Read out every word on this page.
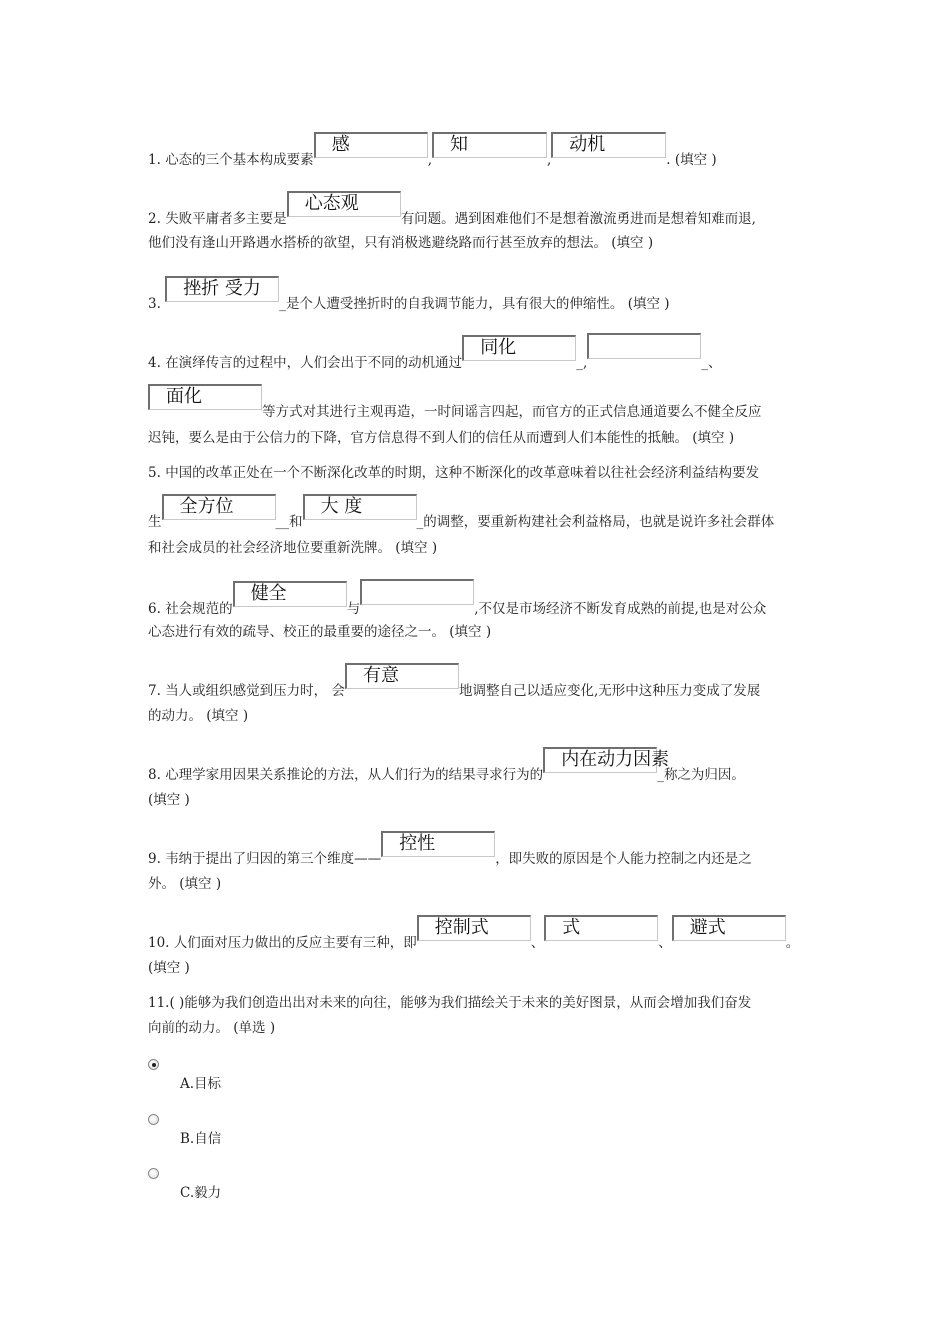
1. 心态的三个基本构成要素感,知,动机. (填空 )
2. 失败平庸者多主要是心态观有问题。遇到困难他们不是想着激流勇进而是想着知难而退,
他们没有逢山开路遇水搭桥的欲望，只有消极逃避绕路而行甚至放弃的想法。 (填空 )
3. 挫折 受力_是个人遭受挫折时的自我调节能力，具有很大的伸缩性。 (填空 )
4. 在演绎传言的过程中，人们会出于不同的动机通过同化_,	_、
面化等方式对其进行主观再造，一时间谣言四起，而官方的正式信息通道要么不健全反应
迟钝，要么是由于公信力的下降，官方信息得不到人们的信任从而遭到人们本能性的抵触。 (填空 )
5. 中国的改革正处在一个不断深化改革的时期，这种不断深化的改革意味着以往社会经济利益结构要发
生全方位__和大 度_的调整，要重新构建社会利益格局，也就是说许多社会群体
和社会成员的社会经济地位要重新洗牌。 (填空 )
6. 社会规范的健全与	,不仅是市场经济不断发育成熟的前提,也是对公众
心态进行有效的疏导、校正的最重要的途径之一。 (填空 )
7. 当人或组织感觉到压力时， 会有意地调整自己以适应变化,无形中这种压力变成了发展
的动力。 (填空 )
8. 心理学家用因果关系推论的方法，从人们行为的结果寻求行为的内在动力因素_称之为归因。
(填空 )
9. 韦纳于提出了归因的第三个维度——控性，即失败的原因是个人能力控制之内还是之
外。 (填空 )
10. 人们面对压力做出的反应主要有三种，即控制式、式、避式。
(填空 )
11.( )能够为我们创造出出对未来的向往，能够为我们描绘关于未来的美好图景，从而会增加我们奋发
向前的动力。 (单选 )
A.目标
B.自信
C.毅力
